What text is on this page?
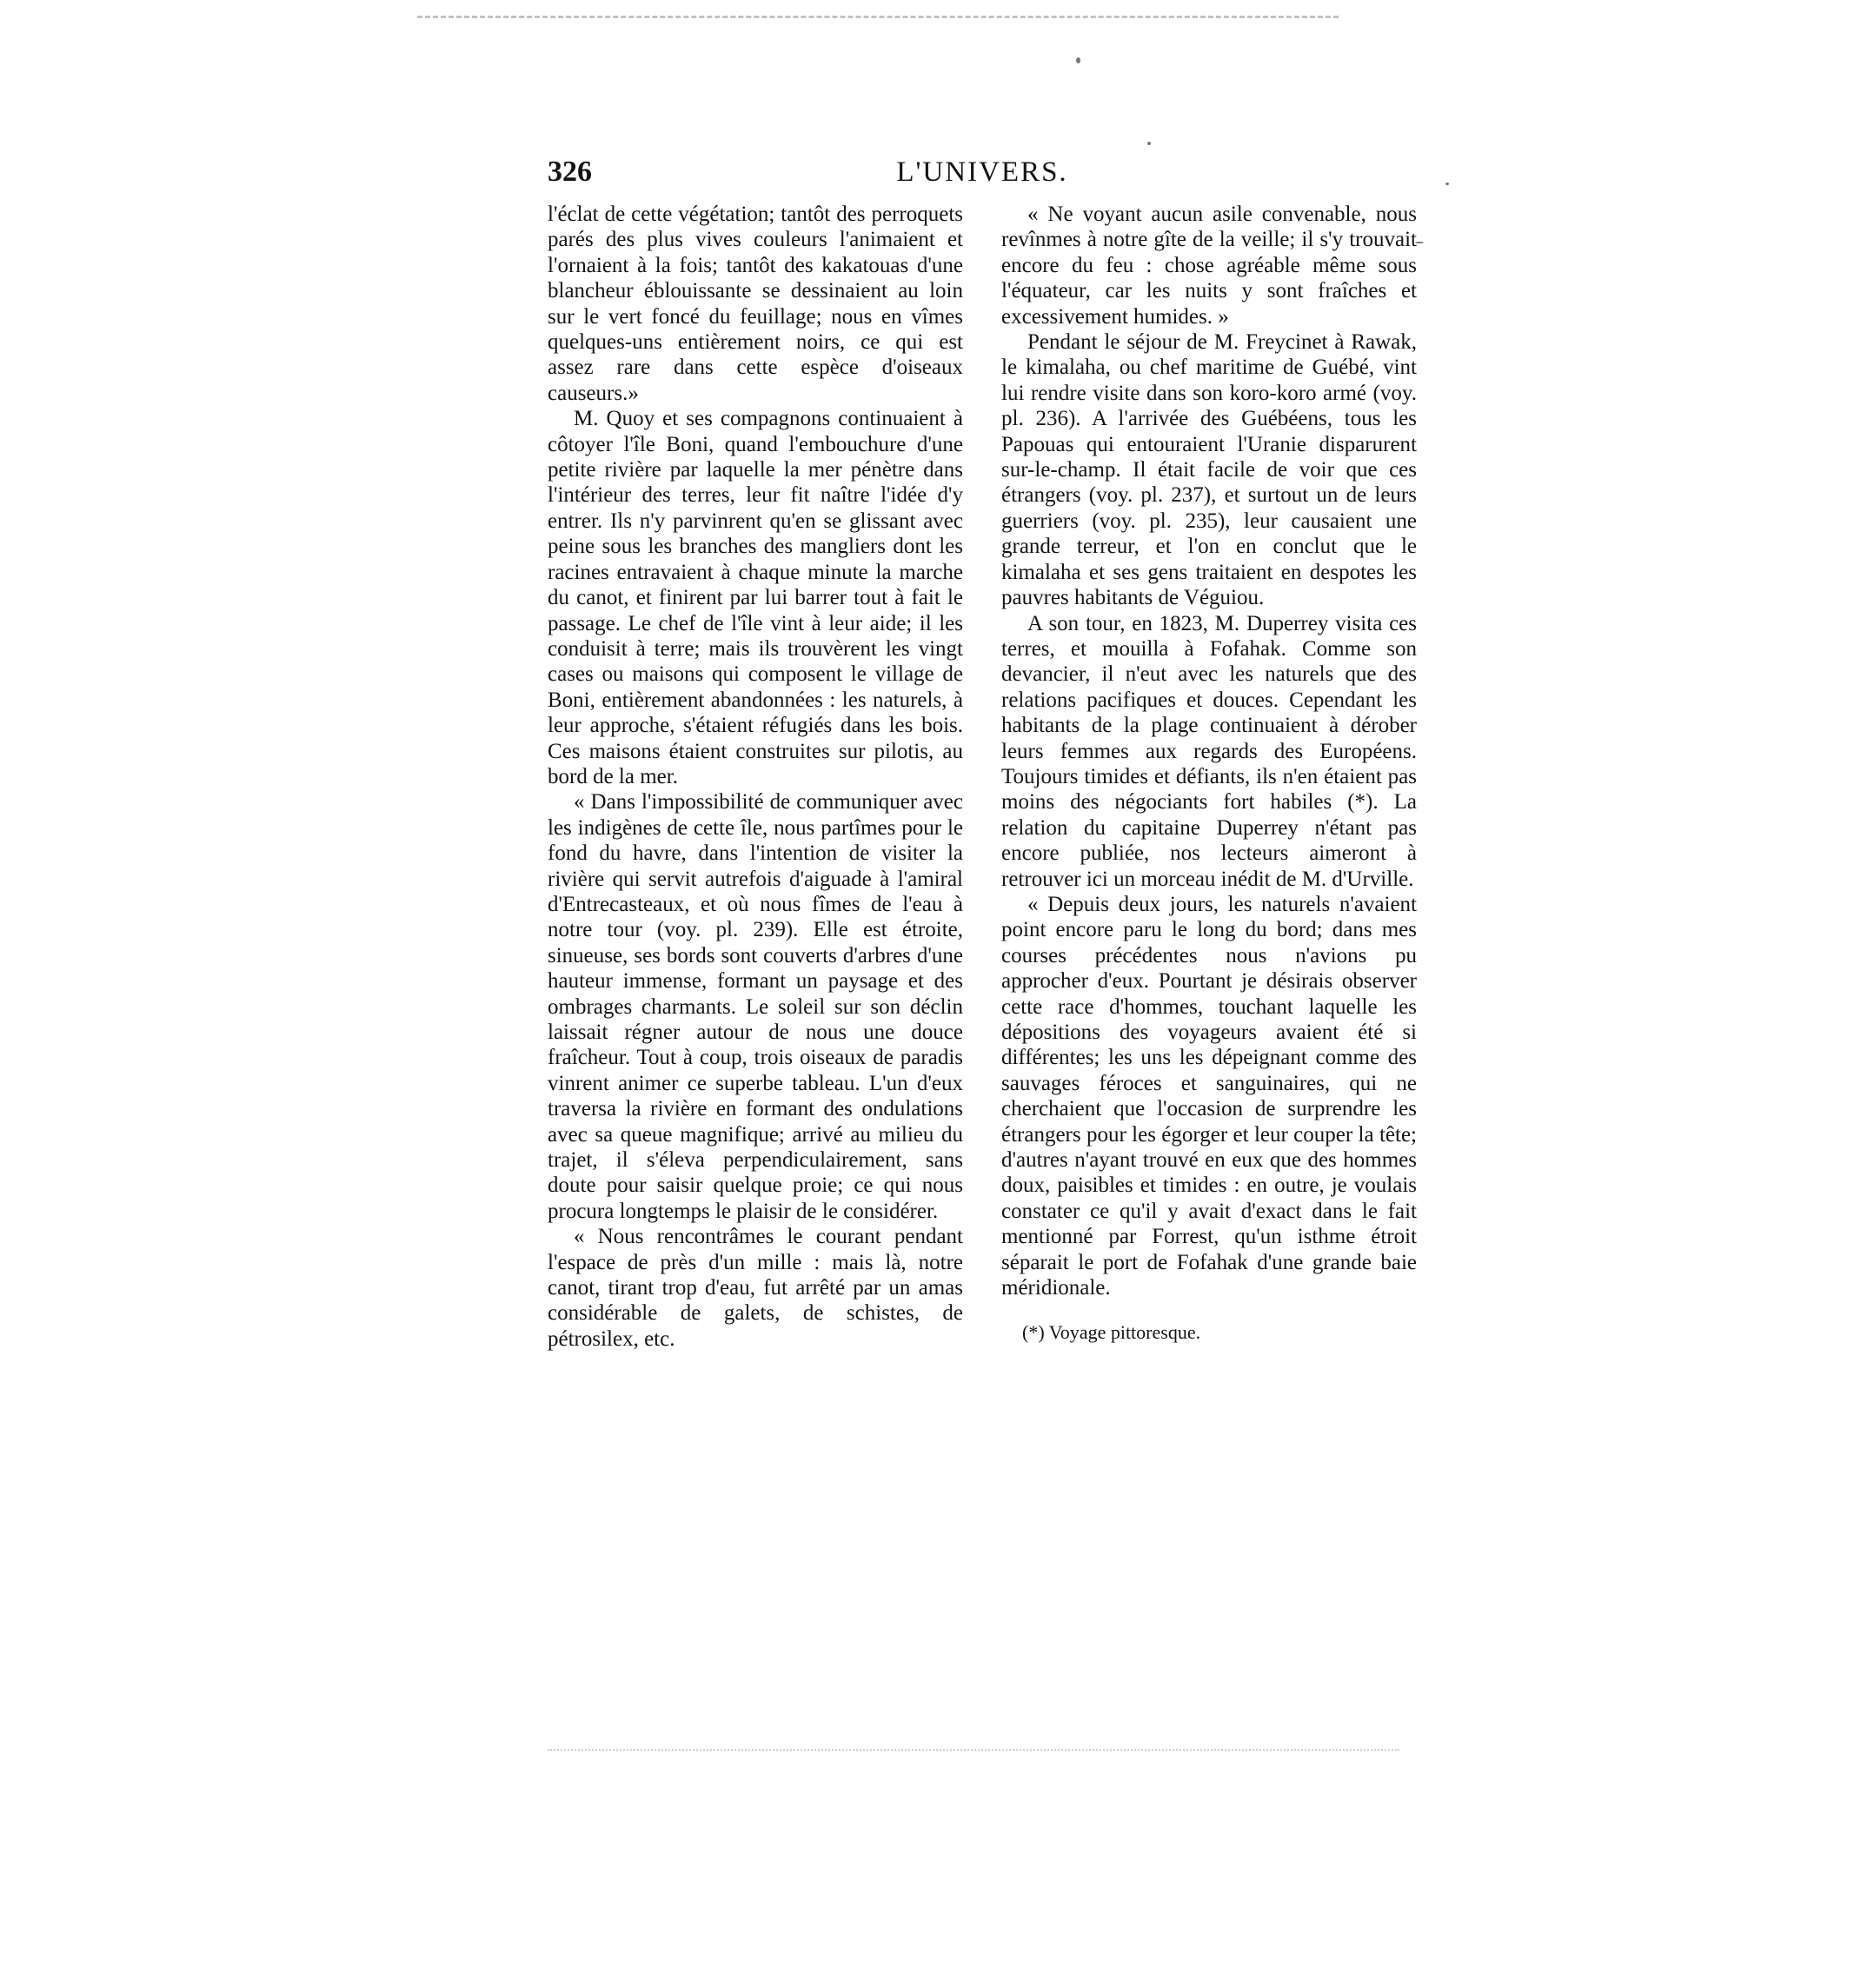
326	L'UNIVERS.

l'éclat de cette végétation; tantôt des perroquets parés des plus vives couleurs l'animaient et l'ornaient à la fois; tantôt des kakatouas d'une blancheur éblouissante se dessinaient au loin sur le vert foncé du feuillage; nous en vîmes quelques-uns entièrement noirs, ce qui est assez rare dans cette espèce d'oiseaux causeurs.»

M. Quoy et ses compagnons continuaient à côtoyer l'île Boni, quand l'embouchure d'une petite rivière par laquelle la mer pénètre dans l'intérieur des terres, leur fit naître l'idée d'y entrer. Ils n'y parvinrent qu'en se glissant avec peine sous les branches des mangliers dont les racines entravaient à chaque minute la marche du canot, et finirent par lui barrer tout à fait le passage. Le chef de l'île vint à leur aide; il les conduisit à terre; mais ils trouvèrent les vingt cases ou maisons qui composent le village de Boni, entièrement abandonnées : les naturels, à leur approche, s'étaient réfugiés dans les bois. Ces maisons étaient construites sur pilotis, au bord de la mer.

« Dans l'impossibilité de communiquer avec les indigènes de cette île, nous partîmes pour le fond du havre, dans l'intention de visiter la rivière qui servit autrefois d'aiguade à l'amiral d'Entrecasteaux, et où nous fîmes de l'eau à notre tour (voy. pl. 239). Elle est étroite, sinueuse, ses bords sont couverts d'arbres d'une hauteur immense, formant un paysage et des ombrages charmants. Le soleil sur son déclin laissait régner autour de nous une douce fraîcheur. Tout à coup, trois oiseaux de paradis vinrent animer ce superbe tableau. L'un d'eux traversa la rivière en formant des ondulations avec sa queue magnifique; arrivé au milieu du trajet, il s'éleva perpendiculairement, sans doute pour saisir quelque proie; ce qui nous procura longtemps le plaisir de le considérer.

« Nous rencontrâmes le courant pendant l'espace de près d'un mille : mais là, notre canot, tirant trop d'eau, fut arrêté par un amas considérable de galets, de schistes, de pétrosilex, etc.

« Ne voyant aucun asile convenable, nous revînmes à notre gîte de la veille; il s'y trouvait encore du feu : chose agréable même sous l'équateur, car les nuits y sont fraîches et excessivement humides. »

Pendant le séjour de M. Freycinet à Rawak, le kimalaha, ou chef maritime de Guébé, vint lui rendre visite dans son koro-koro armé (voy. pl. 236). A l'arrivée des Guébéens, tous les Papouas qui entouraient l'Uranie disparurent sur-le-champ. Il était facile de voir que ces étrangers (voy. pl. 237), et surtout un de leurs guerriers (voy. pl. 235), leur causaient une grande terreur, et l'on en conclut que le kimalaha et ses gens traitaient en despotes les pauvres habitants de Véguiou.

A son tour, en 1823, M. Duperrey visita ces terres, et mouilla à Fofahak. Comme son devancier, il n'eut avec les naturels que des relations pacifiques et douces. Cependant les habitants de la plage continuaient à dérober leurs femmes aux regards des Européens. Toujours timides et défiants, ils n'en étaient pas moins des négociants fort habiles (*). La relation du capitaine Duperrey n'étant pas encore publiée, nos lecteurs aimeront à retrouver ici un morceau inédit de M. d'Urville.

« Depuis deux jours, les naturels n'avaient point encore paru le long du bord; dans mes courses précédentes nous n'avions pu approcher d'eux. Pourtant je désirais observer cette race d'hommes, touchant laquelle les dépositions des voyageurs avaient été si différentes; les uns les dépeignant comme des sauvages féroces et sanguinaires, qui ne cherchaient que l'occasion de surprendre les étrangers pour les égorger et leur couper la tête; d'autres n'ayant trouvé en eux que des hommes doux, paisibles et timides : en outre, je voulais constater ce qu'il y avait d'exact dans le fait mentionné par Forrest, qu'un isthme étroit séparait le port de Fofahak d'une grande baie méridionale.

(*) Voyage pittoresque.
